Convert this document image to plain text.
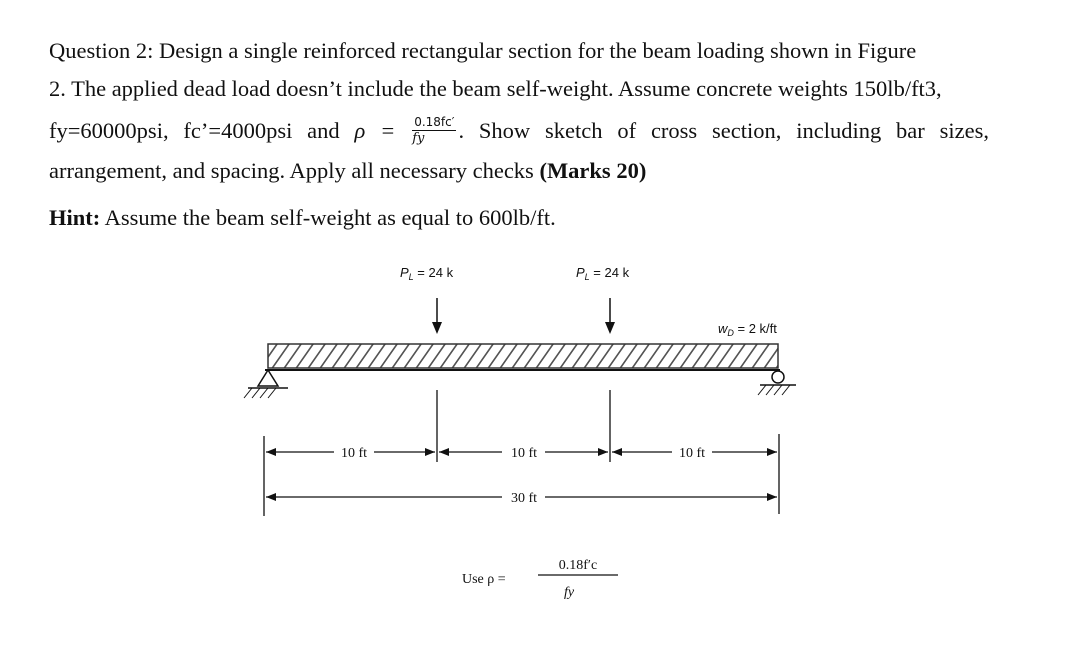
Question 2: Design a single reinforced rectangular section for the beam loading shown in Figure

2. The applied dead load doesn’t include the beam self-weight. Assume concrete weights 150lb/ft3,

fy=60000psi, fc’=4000psi and $\rho = \frac{0.18fc'}{fy}$ . Show sketch of cross section, including bar sizes,

arrangement, and spacing. Apply all necessary checks (Marks 20)

Hint: Assume the beam self-weight as equal to 600lb/ft.
$P_L = 24$ k	$P_L = 24$ k
$w_D = 2$ k/ft
10 ft	10 ft	10 ft
30 ft
Use ρ =
0.18f′c
fy
